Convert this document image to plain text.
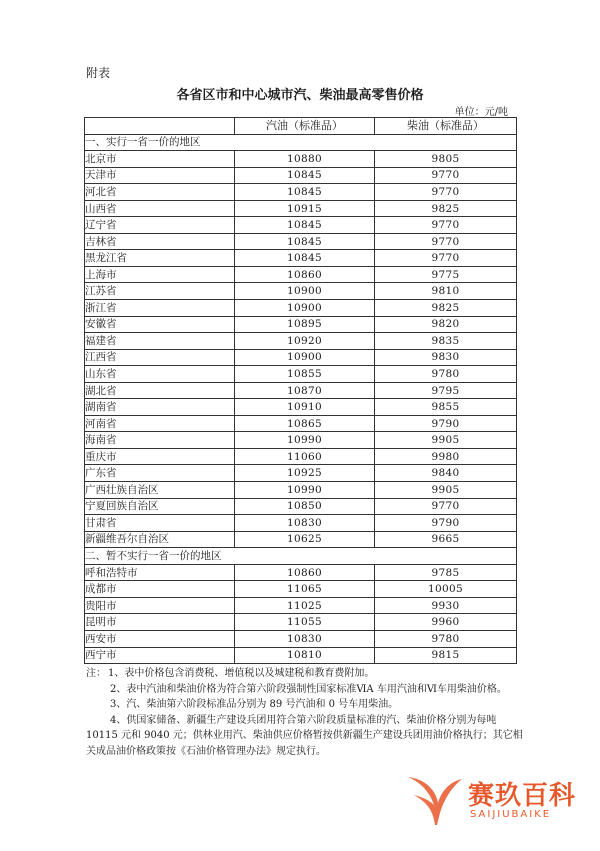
附表
各省区市和中心城市汽、柴油最高零售价格
单位：元/吨
	汽油（标准品）	柴油（标准品）
一、实行一省一价的地区		
北京市	10880	9805
天津市	10845	9770
河北省	10845	9770
山西省	10915	9825
辽宁省	10845	9770
吉林省	10845	9770
黑龙江省	10845	9770
上海市	10860	9775
江苏省	10900	9810
浙江省	10900	9825
安徽省	10895	9820
福建省	10920	9835
江西省	10900	9830
山东省	10855	9780
湖北省	10870	9795
湖南省	10910	9855
河南省	10865	9790
海南省	10990	9905
重庆市	11060	9980
广东省	10925	9840
广西壮族自治区	10990	9905
宁夏回族自治区	10850	9770
甘肃省	10830	9790
新疆维吾尔自治区	10625	9665
二、暂不实行一省一价的地区		
呼和浩特市	10860	9785
成都市	11065	10005
贵阳市	11025	9930
昆明市	11055	9960
西安市	10830	9780
西宁市	10810	9815

注： 1、表中价格包含消费税、增值税以及城建税和教育费附加。

2、表中汽油和柴油价格为符合第六阶段强制性国家标准ⅥA 车用汽油和Ⅵ车用柴油价格。

3、汽、柴油第六阶段标准品分别为 89 号汽油和 0 号车用柴油。

4、供国家储备、新疆生产建设兵团用符合第六阶段质量标准的汽、柴油价格分别为每吨 10115 元和 9040 元；供林业用汽、柴油供应价格暂按供新疆生产建设兵团用油价格执行；其它相关成品油价格政策按《石油价格管理办法》规定执行。

赛玖百科
SAIJIUBAIKE
